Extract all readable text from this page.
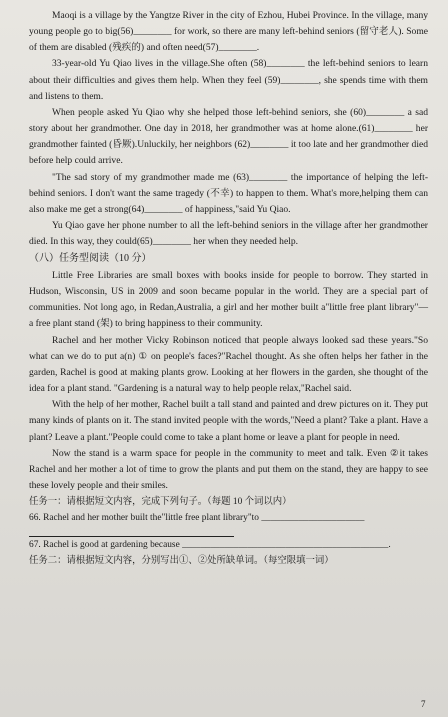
Maoqi is a village by the Yangtze River in the city of Ezhou, Hubei Province. In the village, many young people go to big(56)________ for work, so there are many left-behind seniors (留守老人). Some of them are disabled (残疾的) and often need(57)________.

33-year-old Yu Qiao lives in the village.She often (58)________ the left-behind seniors to learn about their difficulties and gives them help. When they feel (59)________, she spends time with them and listens to them.

When people asked Yu Qiao why she helped those left-behind seniors, she (60)________ a sad story about her grandmother. One day in 2018, her grandmother was at home alone.(61)________ her grandmother fainted (昏厥).Unluckily, her neighbors (62)________ it too late and her grandmother died before help could arrive.

"The sad story of my grandmother made me (63)________ the importance of helping the left-behind seniors. I don't want the same tragedy (不幸) to happen to them. What's more,helping them can also make me get a strong(64)________ of happiness,"said Yu Qiao.

Yu Qiao gave her phone number to all the left-behind seniors in the village after her grandmother died. In this way, they could(65)________ her when they needed help.

（八）任务型阅读（10 分）

Little Free Libraries are small boxes with books inside for people to borrow. They started in Hudson, Wisconsin, US in 2009 and soon became popular in the world. They are a special part of communities. Not long ago, in Redan,Australia, a girl and her mother built a"little free plant library"— a free plant stand (架) to bring happiness to their community.

Rachel and her mother Vicky Robinson noticed that people always looked sad these years."So what can we do to put a(n) ① on people's faces?"Rachel thought. As she often helps her father in the garden, Rachel is good at making plants grow. Looking at her flowers in the garden, she thought of the idea for a plant stand. "Gardening is a natural way to help people relax,"Rachel said.

With the help of her mother, Rachel built a tall stand and painted and drew pictures on it. They put many kinds of plants on it. The stand invited people with the words,"Need a plant? Take a plant. Have a plant? Leave a plant."People could come to take a plant home or leave a plant for people in need.

Now the stand is a warm space for people in the community to meet and talk. Even ②it takes Rachel and her mother a lot of time to grow the plants and put them on the stand, they are happy to see these lovely people and their smiles.

任务一：请根据短文内容，完成下列句子。（每题 10 个词以内）

66. Rachel and her mother built the"little free plant library"to ______________________

67. Rachel is good at gardening because ____________________________________________.

任务二：请根据短文内容，分别写出①、②处所缺单词。（每空限填一词）

7
